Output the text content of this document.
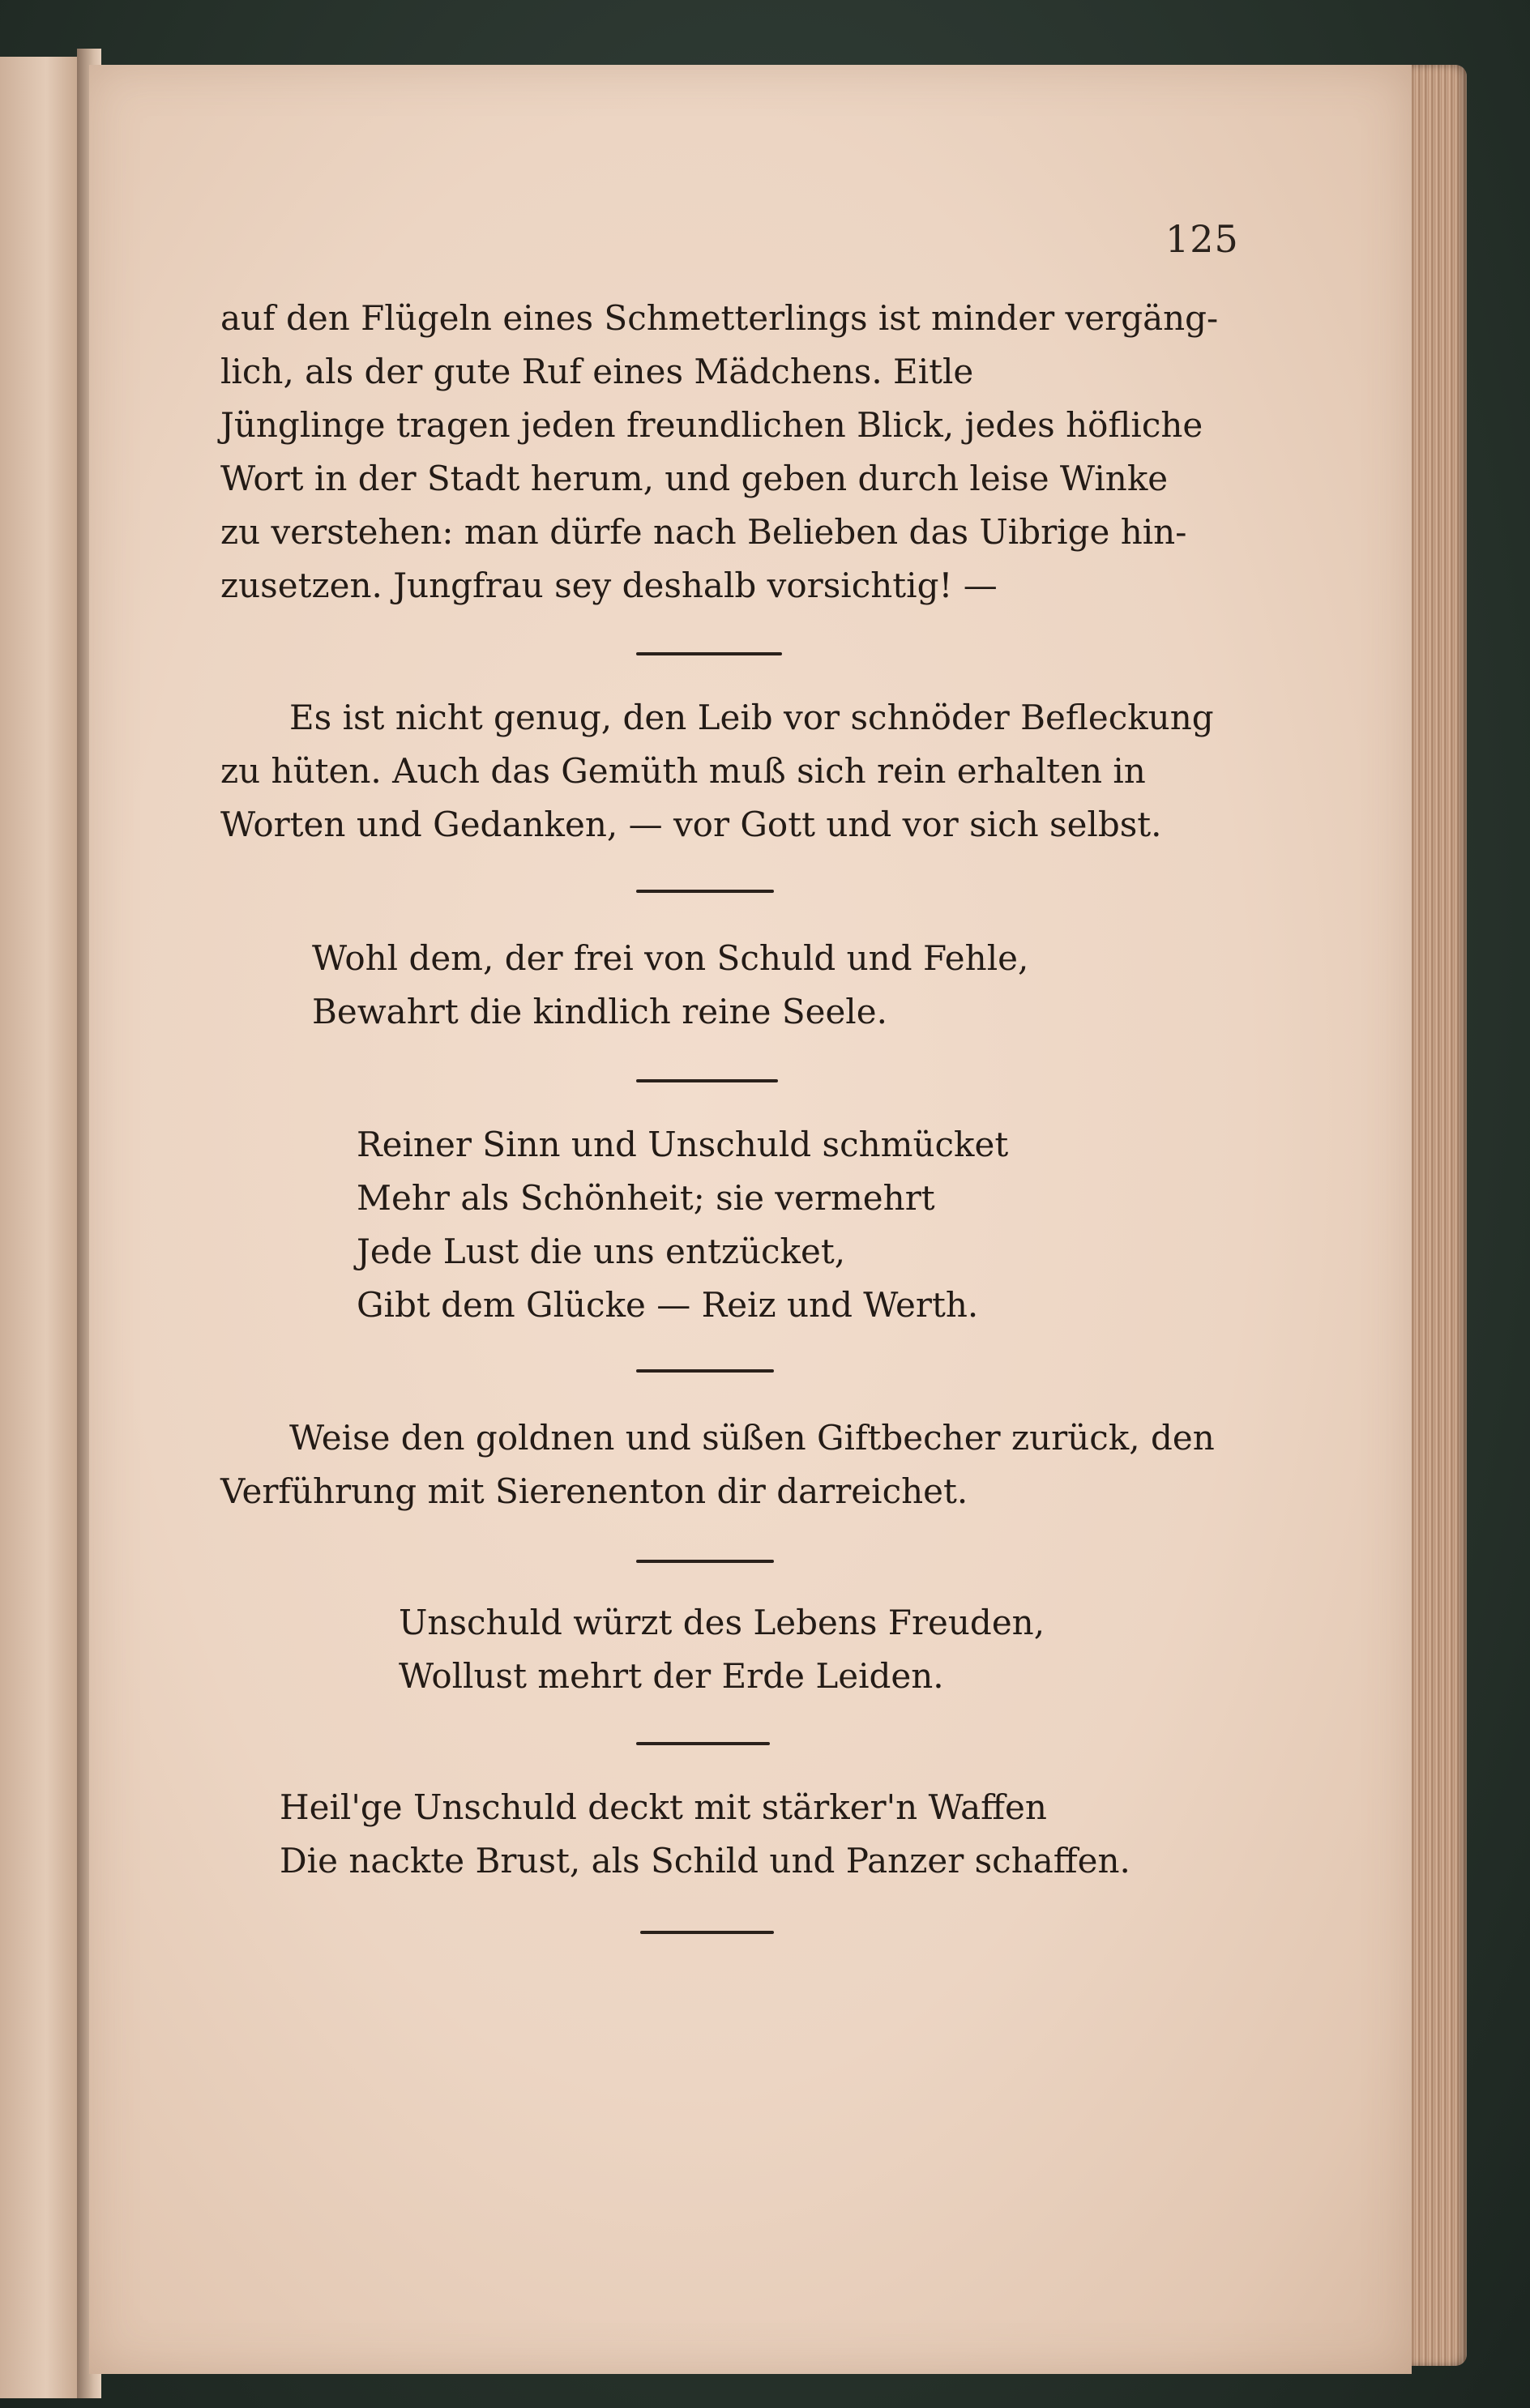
125

auf den Flügeln eines Schmetterlings ist minder vergäng-
lich, als der gute Ruf eines Mädchens. Eitle
Jünglinge tragen jeden freundlichen Blick, jedes höfliche
Wort in der Stadt herum, und geben durch leise Winke
zu verstehen: man dürfe nach Belieben das Uibrige hin-
zusetzen. Jungfrau sey deshalb vorsichtig! —

Es ist nicht genug, den Leib vor schnöder Befleckung
zu hüten. Auch das Gemüth muß sich rein erhalten in
Worten und Gedanken, — vor Gott und vor sich selbst.

Wohl dem, der frei von Schuld und Fehle,
Bewahrt die kindlich reine Seele.

Reiner Sinn und Unschuld schmücket
Mehr als Schönheit; sie vermehrt
Jede Lust die uns entzücket,
Gibt dem Glücke — Reiz und Werth.

Weise den goldnen und süßen Giftbecher zurück, den
Verführung mit Sierenenton dir darreichet.

Unschuld würzt des Lebens Freuden,
Wollust mehrt der Erde Leiden.

Heil'ge Unschuld deckt mit stärker'n Waffen
Die nackte Brust, als Schild und Panzer schaffen.
